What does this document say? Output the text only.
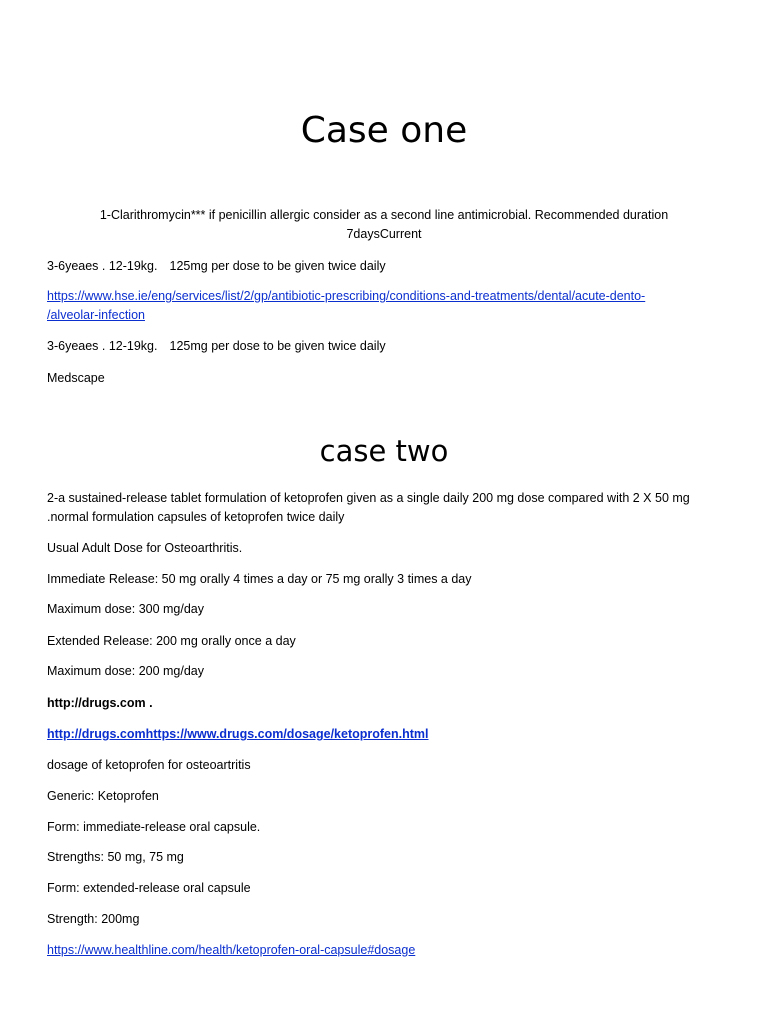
Case one

1-Clarithromycin*** if penicillin allergic consider as a second line antimicrobial. Recommended duration
7daysCurrent

3-6yeaes . 12-19kg. 125mg per dose to be given twice daily

https://www.hse.ie/eng/services/list/2/gp/antibiotic-prescribing/conditions-and-treatments/dental/acute-dento-
/alveolar-infection

3-6yeaes . 12-19kg. 125mg per dose to be given twice daily

Medscape

case two

2-a sustained-release tablet formulation of ketoprofen given as a single daily 200 mg dose compared with 2 X 50 mg
.normal formulation capsules of ketoprofen twice daily

Usual Adult Dose for Osteoarthritis.

Immediate Release: 50 mg orally 4 times a day or 75 mg orally 3 times a day

Maximum dose: 300 mg/day

Extended Release: 200 mg orally once a day

Maximum dose: 200 mg/day

http://drugs.com .

http://drugs.comhttps://www.drugs.com/dosage/ketoprofen.html

dosage of ketoprofen for osteoartritis

Generic: Ketoprofen

Form: immediate-release oral capsule.

Strengths: 50 mg, 75 mg

Form: extended-release oral capsule

Strength: 200mg

https://www.healthline.com/health/ketoprofen-oral-capsule#dosage
